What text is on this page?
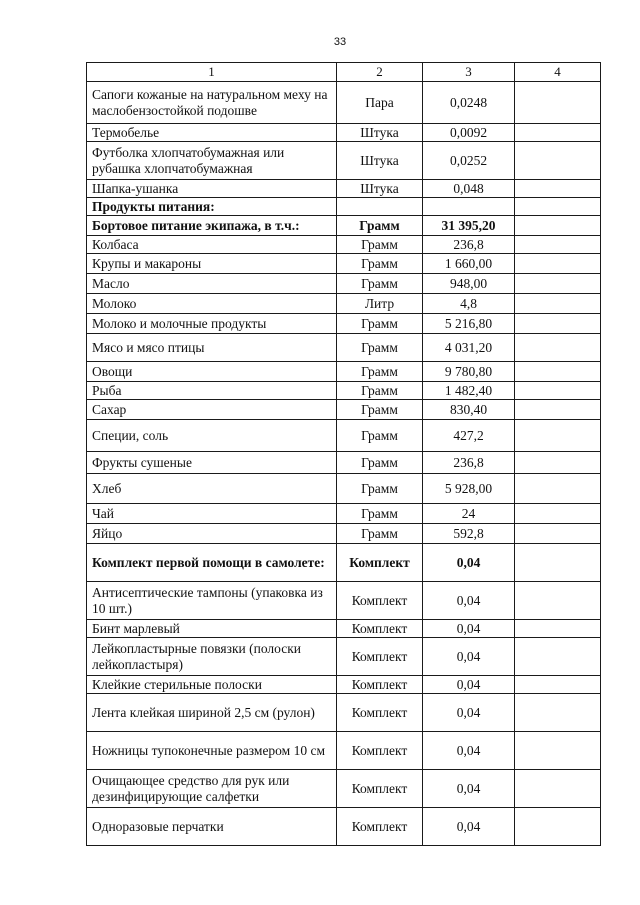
33
1	2	3	4
Сапоги кожаные на натуральном меху на маслобензостойкой подошве	Пара	0,0248	
Термобелье	Штука	0,0092	
Футболка хлопчатобумажная или рубашка хлопчатобумажная	Штука	0,0252	
Шапка-ушанка	Штука	0,048	
Продукты питания:			
Бортовое питание экипажа, в т.ч.:	Грамм	31 395,20	
Колбаса	Грамм	236,8	
Крупы и макароны	Грамм	1 660,00	
Масло	Грамм	948,00	
Молоко	Литр	4,8	
Молоко и молочные продукты	Грамм	5 216,80	
Мясо и мясо птицы	Грамм	4 031,20	
Овощи	Грамм	9 780,80	
Рыба	Грамм	1 482,40	
Сахар	Грамм	830,40	
Специи, соль	Грамм	427,2	
Фрукты сушеные	Грамм	236,8	
Хлеб	Грамм	5 928,00	
Чай	Грамм	24	
Яйцо	Грамм	592,8	
Комплект первой помощи в самолете:	Комплект	0,04	
Антисептические тампоны (упаковка из 10 шт.)	Комплект	0,04	
Бинт марлевый	Комплект	0,04	
Лейкопластырные повязки (полоски лейкопластыря)	Комплект	0,04	
Клейкие стерильные полоски	Комплект	0,04	
Лента клейкая шириной 2,5 см (рулон)	Комплект	0,04	
Ножницы тупоконечные размером 10 см	Комплект	0,04	
Очищающее средство для рук или дезинфицирующие салфетки	Комплект	0,04	
Одноразовые перчатки	Комплект	0,04	
